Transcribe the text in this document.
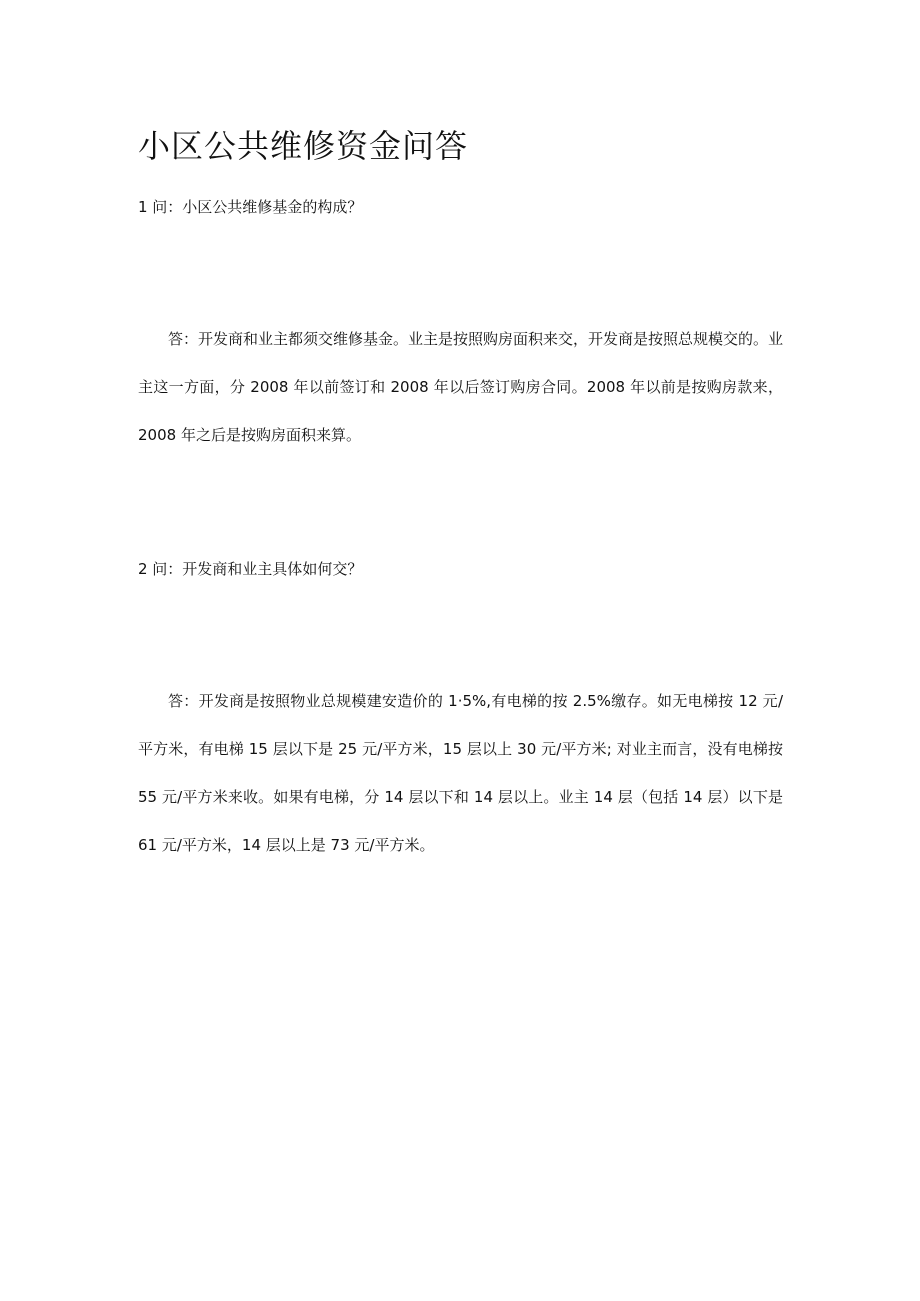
小区公共维修资金问答

1 问：小区公共维修基金的构成？

答：开发商和业主都须交维修基金。业主是按照购房面积来交，开发商是按照总规模交的。业主这一方面，分 2008 年以前签订和 2008 年以后签订购房合同。2008 年以前是按购房款来，2008 年之后是按购房面积来算。

2 问：开发商和业主具体如何交？

答：开发商是按照物业总规模建安造价的 1·5%,有电梯的按 2.5%缴存。如无电梯按 12 元/平方米，有电梯 15 层以下是 25 元/平方米，15 层以上 30 元/平方米; 对业主而言，没有电梯按 55 元/平方米来收。如果有电梯，分 14 层以下和 14 层以上。业主 14 层（包括 14 层）以下是 61 元/平方米，14 层以上是 73 元/平方米。
